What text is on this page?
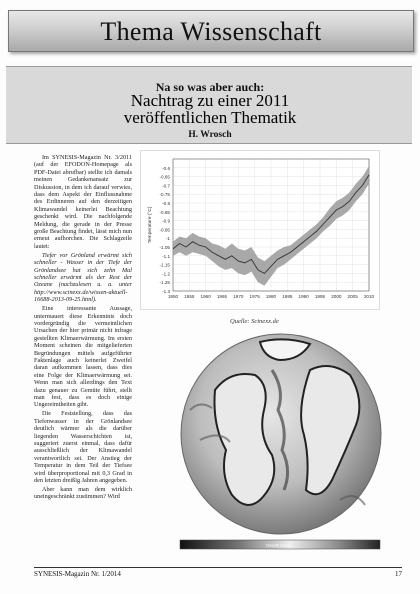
Thema Wissenschaft
Na so was aber auch:
Nachtrag zu einer 2011
veröffentlichen Thematik
H. Wrosch

Im SYNESIS-Magazin Nr. 3/2011 (auf der EFODON-Homepage als PDF-Datei abrufbar) stellte ich damals meinen Gedankenansatz zur Diskussion, in dem ich darauf verwies, dass dem Aspekt der Einflussnahme des Erdinneren auf den derzeitigen Klimawandel keinerlei Beachtung geschenkt wird. Die nachfolgende Meldung, die gerade in der Presse große Beachtung findet, lässt mich nun erneut aufhorchen. Die Schlagzeile lautet:

Tiefer vor Grönland erwärmt sich schneller - Wasser in der Tiefe der Grönlandsee hat sich zehn Mal schneller erwärmt als der Rest der Ozeane (nachzulesen u. a. unter http://www.scinexx.de/wissen-aktuell-16688-2013-09-25.html).

Eine interessante Aussage, untermauert diese Erkenntnis doch vordergründig die vermeintlichen Ursachen der hier primär nicht infrage gestellten Klimaerwärmung. Im ersten Moment scheinen die mitgelieferten Begründungen mittels aufgeführter Faktenlage auch keinerlei Zweifel daran aufkommen lassen, dass dies eine Folge der Klimaerwärmung sei. Wenn man sich allerdings den Text dazu genauer zu Gemüte führt, stellt man fest, dass es doch einige Ungereimtheiten gibt.

Die Feststellung, dass das Tiefenwasser in der Grönlandsee deutlich wärmer als die darüber liegenden Wasserschichten ist, suggeriert zuerst einmal, dass dafür ausschließlich der Klimawandel verantwortlich sei. Der Anstieg der Temperatur in dem Teil der Tiefsee wird überproportional mit 0,3 Grad in den letzten dreißig Jahren angegeben.

Aber kann man dem wirklich uneingeschränkt zustimmen? Wird

-0.6
-0.65
-0.7
-0.75
-0.8
-0.85
-0.9
-0.95
-1
-1.05
-1.1
-1.15
-1.2
-1.25
-1.3
1950 1955 1960 1965 1970 1975 1980 1985 1990 1995 2000 2005 2010
Temperature (°C)
Quelle: Scinexx.de
Deepth below...
SYNESIS-Magazin Nr. 1/2014	17
